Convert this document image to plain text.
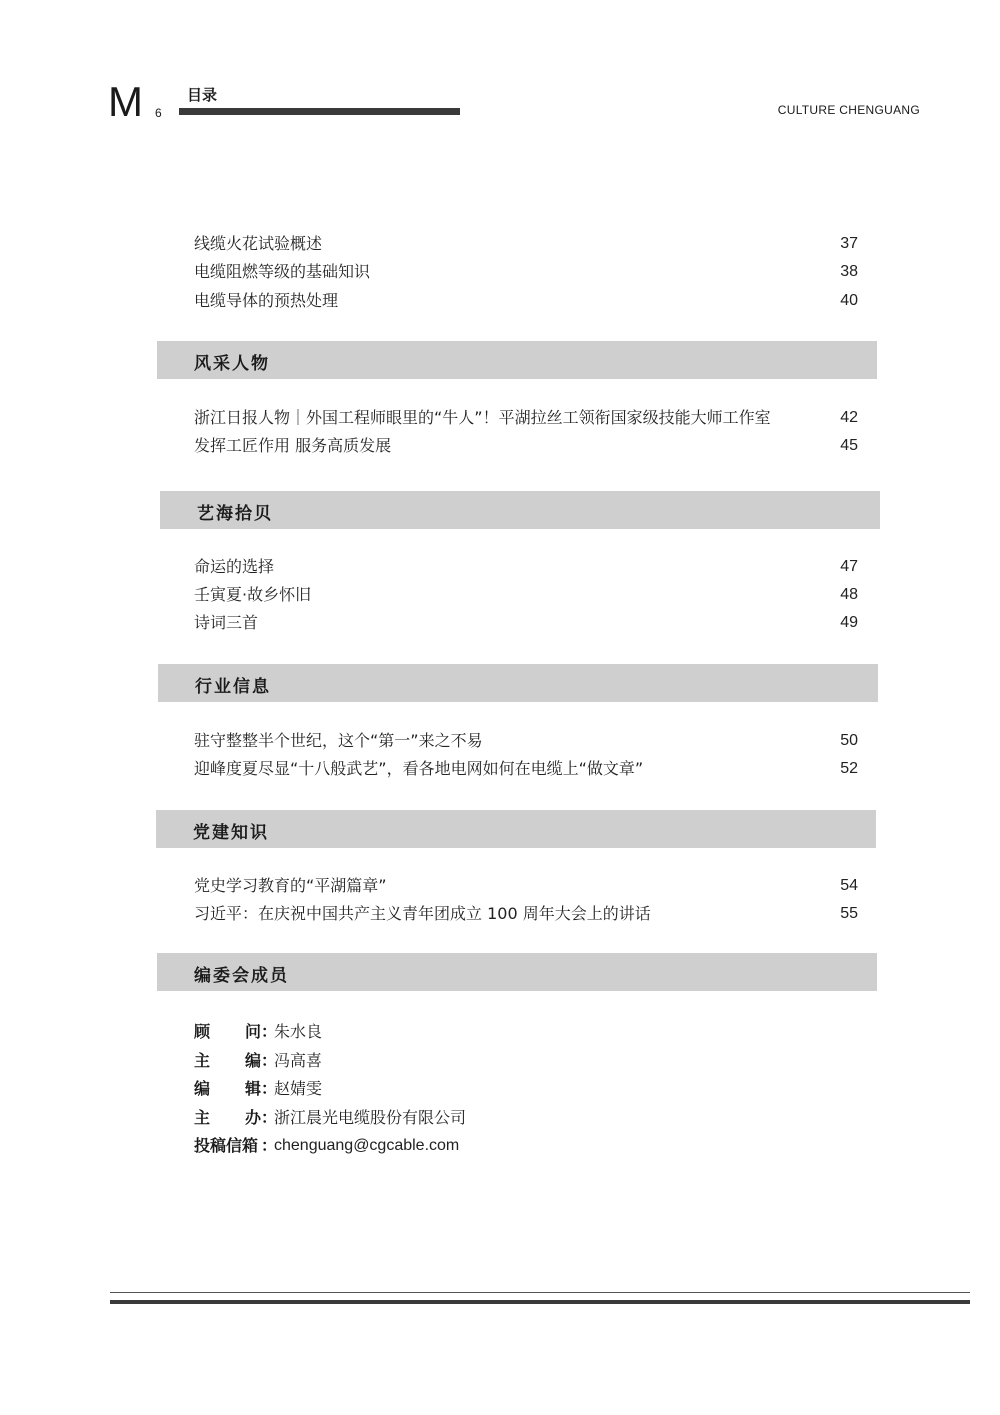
M 6
目录
CULTURE CHENGUANG
线缆火花试验概述	37
电缆阻燃等级的基础知识	38
电缆导体的预热处理	40
风采人物
浙江日报人物｜外国工程师眼里的“牛人”！平湖拉丝工领衔国家级技能大师工作室	42
发挥工匠作用 服务高质发展	45
艺海拾贝
命运的选择	47
壬寅夏·故乡怀旧	48
诗词三首	49
行业信息
驻守整整半个世纪，这个“第一”来之不易	50
迎峰度夏尽显“十八般武艺”，看各地电网如何在电缆上“做文章”	52
党建知识
党史学习教育的“平湖篇章”	54
习近平：在庆祝中国共产主义青年团成立 100 周年大会上的讲话	55
编委会成员
顾 问 ：
朱水良
主 编 ：
冯高喜
编 辑 ：
赵婧雯
主 办 ：
浙江晨光电缆股份有限公司
投稿信箱 ：
chenguang@cgcable.com
